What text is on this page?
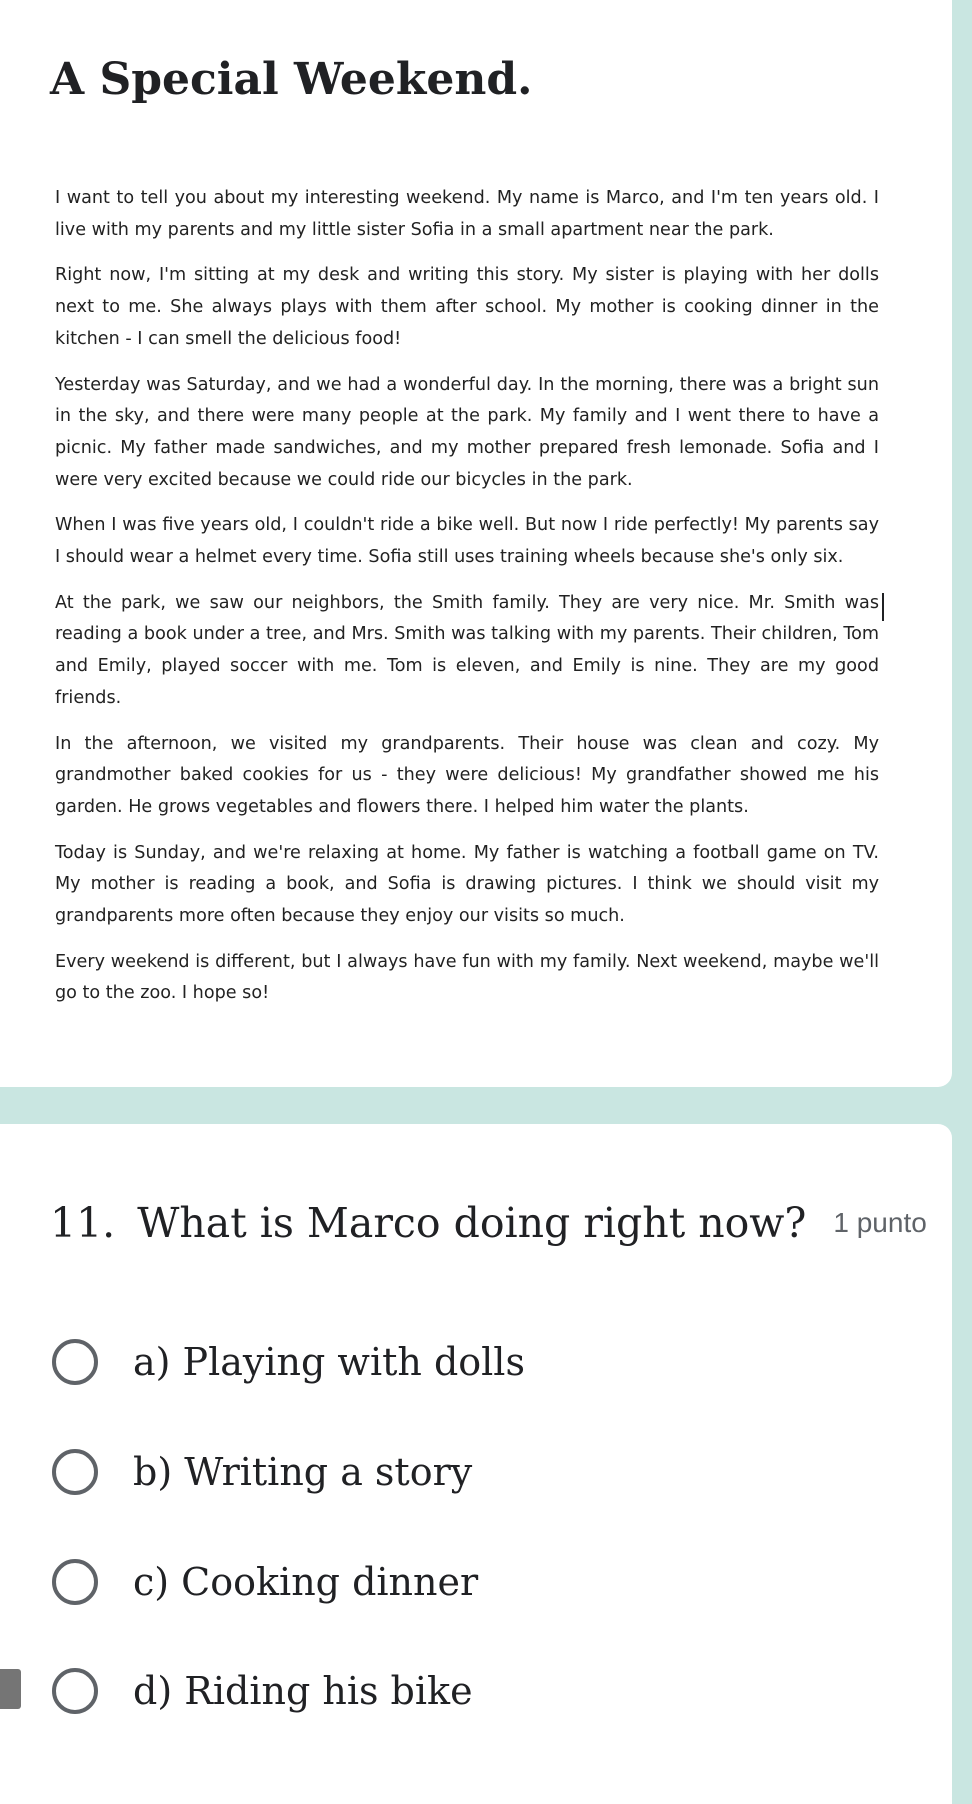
A Special Weekend.

I want to tell you about my interesting weekend. My name is Marco, and I'm ten years old. I live with my parents and my little sister Sofia in a small apartment near the park.

Right now, I'm sitting at my desk and writing this story. My sister is playing with her dolls next to me. She always plays with them after school. My mother is cooking dinner in the kitchen - I can smell the delicious food!

Yesterday was Saturday, and we had a wonderful day. In the morning, there was a bright sun in the sky, and there were many people at the park. My family and I went there to have a picnic. My father made sandwiches, and my mother prepared fresh lemonade. Sofia and I were very excited because we could ride our bicycles in the park.

When I was five years old, I couldn't ride a bike well. But now I ride perfectly! My parents say I should wear a helmet every time. Sofia still uses training wheels because she's only six.

At the park, we saw our neighbors, the Smith family. They are very nice. Mr. Smith was reading a book under a tree, and Mrs. Smith was talking with my parents. Their children, Tom and Emily, played soccer with me. Tom is eleven, and Emily is nine. They are my good friends.

In the afternoon, we visited my grandparents. Their house was clean and cozy. My grandmother baked cookies for us - they were delicious! My grandfather showed me his garden. He grows vegetables and flowers there. I helped him water the plants.

Today is Sunday, and we're relaxing at home. My father is watching a football game on TV. My mother is reading a book, and Sofia is drawing pictures. I think we should visit my grandparents more often because they enjoy our visits so much.

Every weekend is different, but I always have fun with my family. Next weekend, maybe we'll go to the zoo. I hope so!

11. What is Marco doing right now? 1 punto
a) Playing with dolls
b) Writing a story
c) Cooking dinner
d) Riding his bike
